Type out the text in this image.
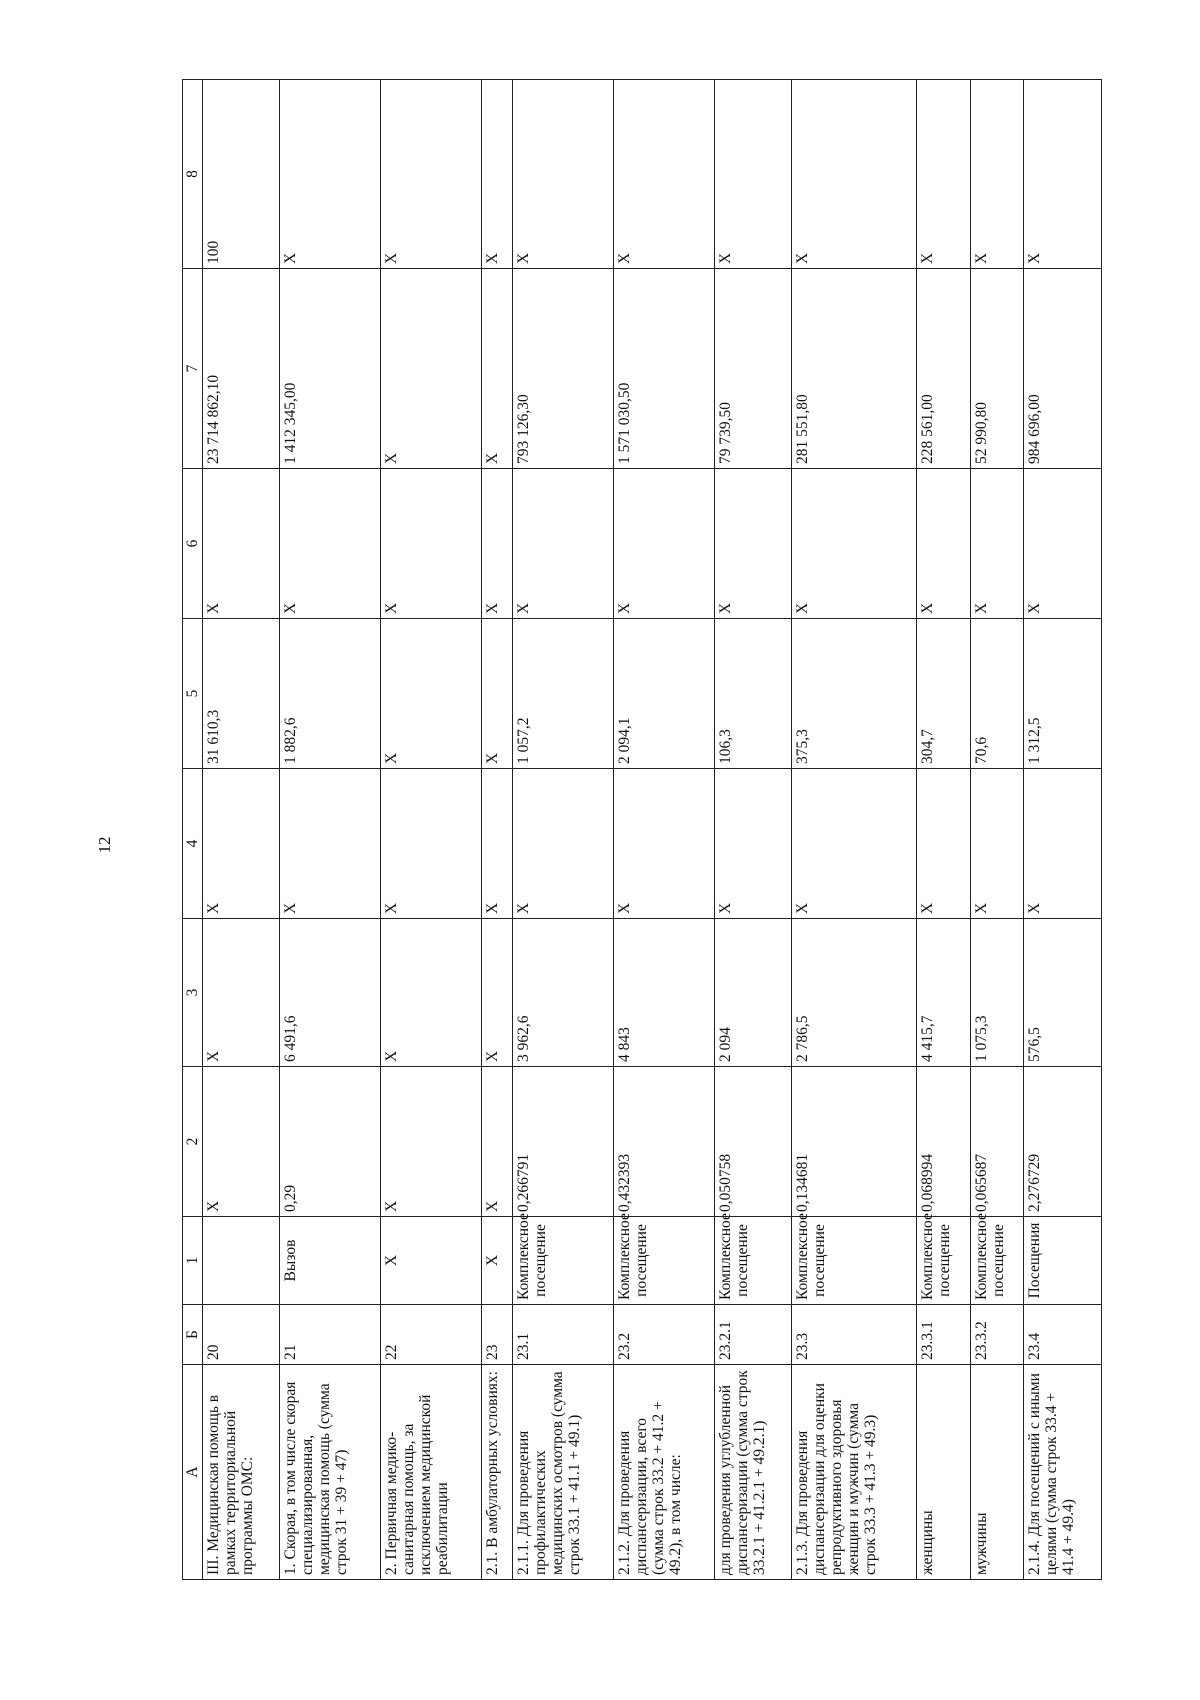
12
А	Б	1	2	3	4	5	6	7	8
III. Медицинская помощь в рамках территориальной программы ОМС:	20		X	X	X	31 610,3	X	23 714 862,10	100
1. Скорая, в том числе скорая специализированная, медицинская помощь (сумма строк 31 + 39 + 47)	21	Вызов	0,29	6 491,6	X	1 882,6	X	1 412 345,00	X
2. Первичная медико-санитарная помощь, за исключением медицинской реабилитации	22	X	X	X	X	X	X	X	X
2.1. В амбулаторных условиях:	23	X	X	X	X	X	X	X	X
2.1.1. Для проведения профилактических медицинских осмотров (сумма строк 33.1 + 41.1 + 49.1)	23.1	Комплексное посещение	0,266791	3 962,6	X	1 057,2	X	793 126,30	X
2.1.2. Для проведения диспансеризации, всего (сумма строк 33.2 + 41.2 + 49.2), в том числе:	23.2	Комплексное посещение	0,432393	4 843	X	2 094,1	X	1 571 030,50	X
для проведения углубленной диспансеризации (сумма строк 33.2.1 + 41.2.1 + 49.2.1)	23.2.1	Комплексное посещение	0,050758	2 094	X	106,3	X	79 739,50	X
2.1.3. Для проведения диспансеризации для оценки репродуктивного здоровья женщин и мужчин (сумма строк 33.3 + 41.3 + 49.3)	23.3	Комплексное посещение	0,134681	2 786,5	X	375,3	X	281 551,80	X
женщины	23.3.1	Комплексное посещение	0,068994	4 415,7	X	304,7	X	228 561,00	X
мужчины	23.3.2	Комплексное посещение	0,065687	1 075,3	X	70,6	X	52 990,80	X
2.1.4. Для посещений с иными целями (сумма строк 33.4 + 41.4 + 49.4)	23.4	Посещения	2,276729	576,5	X	1 312,5	X	984 696,00	X
